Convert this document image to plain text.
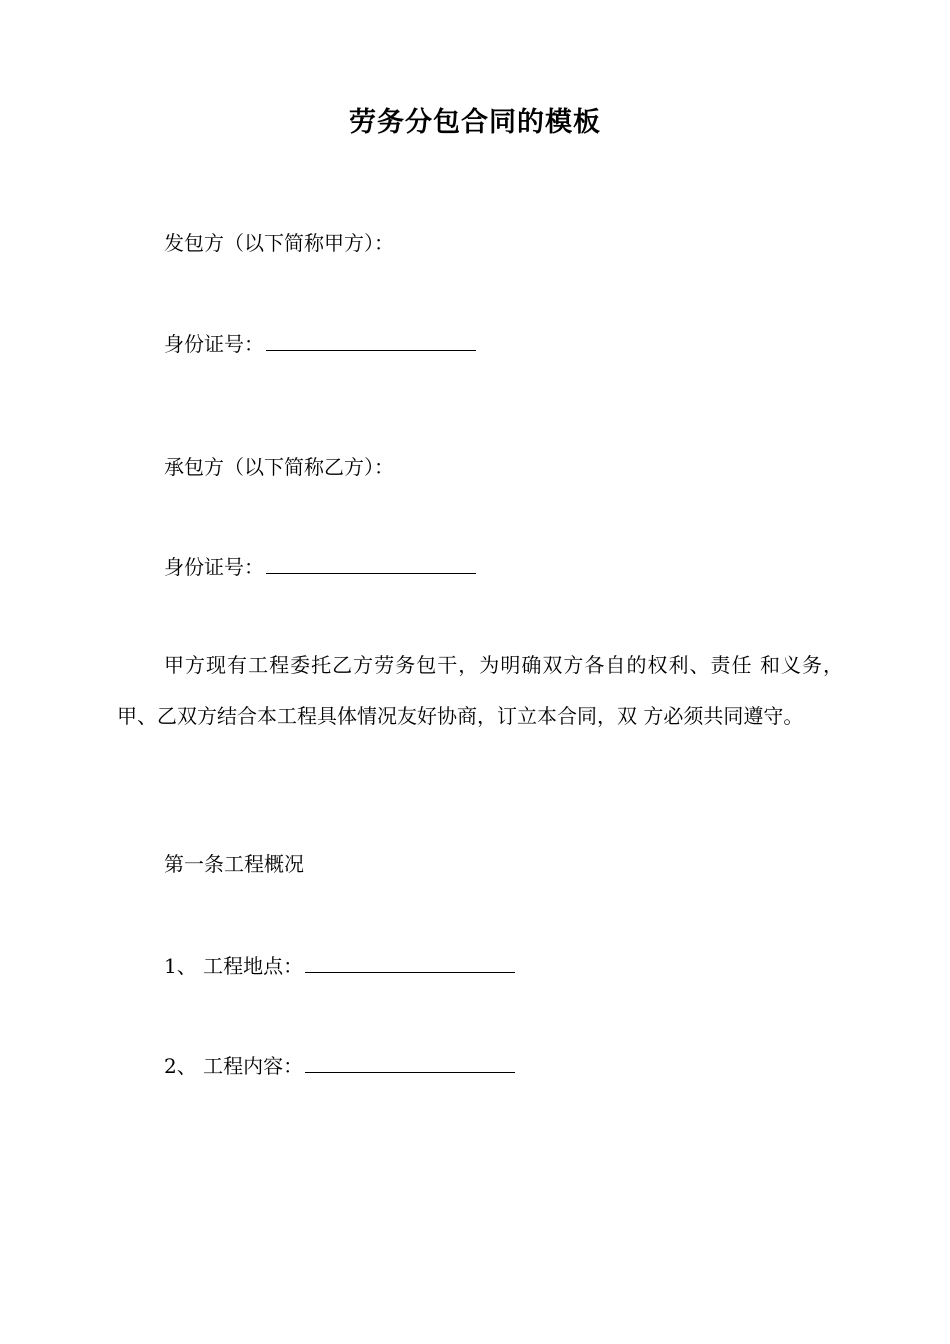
劳务分包合同的模板
发包方（以下简称甲方）：
身份证号：
承包方（以下简称乙方）：
身份证号：
甲方现有工程委托乙方劳务包干，为明确双方各自的权利、责任 和义务，甲、乙双方结合本工程具体情况友好协商，订立本合同，双 方必须共同遵守。
第一条工程概况
1、 工程地点：
2、 工程内容：
